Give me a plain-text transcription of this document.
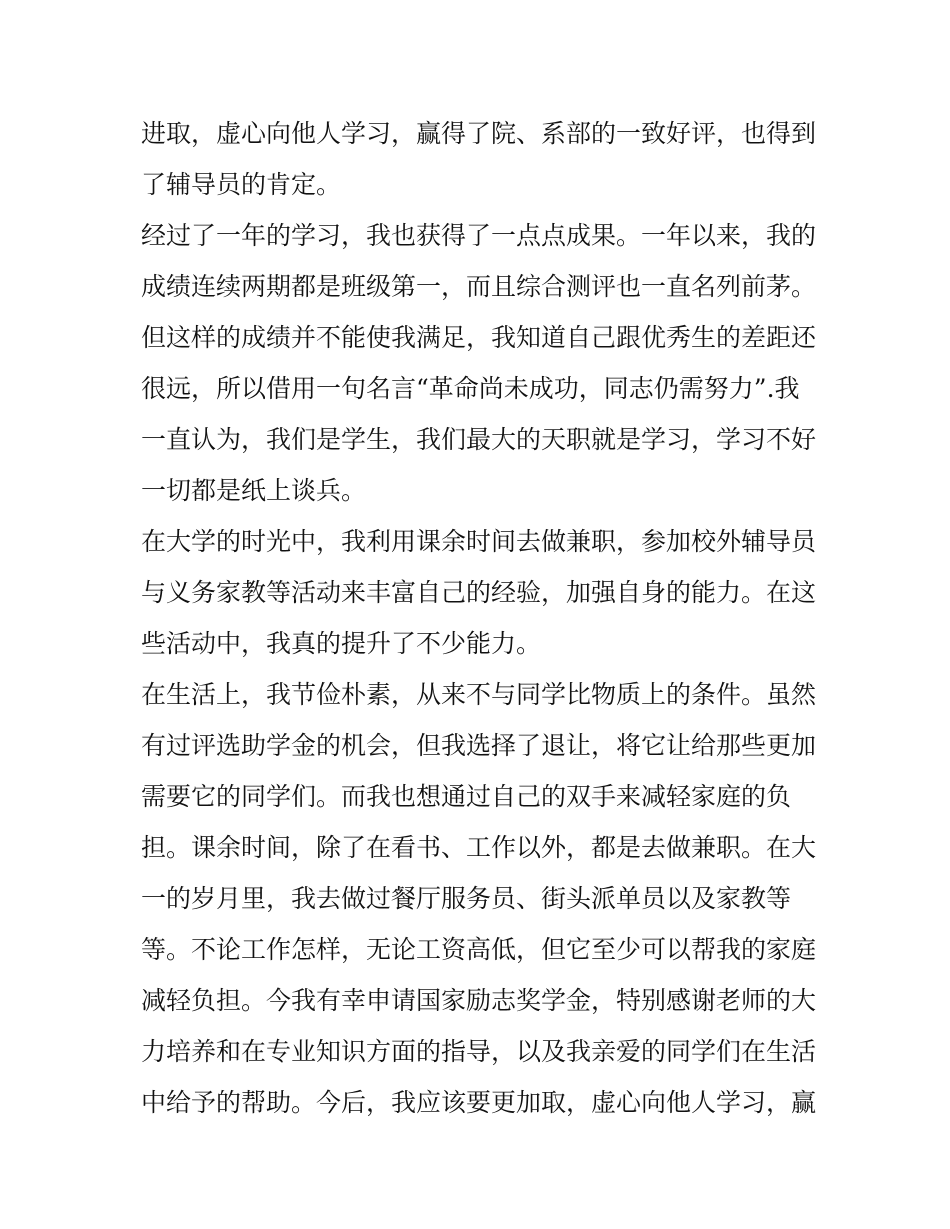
进取，虚心向他人学习，赢得了院、系部的一致好评，也得到
了辅导员的肯定。
经过了一年的学习，我也获得了一点点成果。一年以来，我的
成绩连续两期都是班级第一，而且综合测评也一直名列前茅。
但这样的成绩并不能使我满足，我知道自己跟优秀生的差距还
很远，所以借用一句名言“革命尚未成功，同志仍需努力”.我
一直认为，我们是学生，我们最大的天职就是学习，学习不好
一切都是纸上谈兵。
在大学的时光中，我利用课余时间去做兼职，参加校外辅导员
与义务家教等活动来丰富自己的经验，加强自身的能力。在这
些活动中，我真的提升了不少能力。
在生活上，我节俭朴素，从来不与同学比物质上的条件。虽然
有过评选助学金的机会，但我选择了退让，将它让给那些更加
需要它的同学们。而我也想通过自己的双手来减轻家庭的负
担。课余时间，除了在看书、工作以外，都是去做兼职。在大
一的岁月里，我去做过餐厅服务员、街头派单员以及家教等
等。不论工作怎样，无论工资高低，但它至少可以帮我的家庭
减轻负担。今我有幸申请国家励志奖学金，特别感谢老师的大
力培养和在专业知识方面的指导，以及我亲爱的同学们在生活
中给予的帮助。今后，我应该要更加取，虚心向他人学习，赢
